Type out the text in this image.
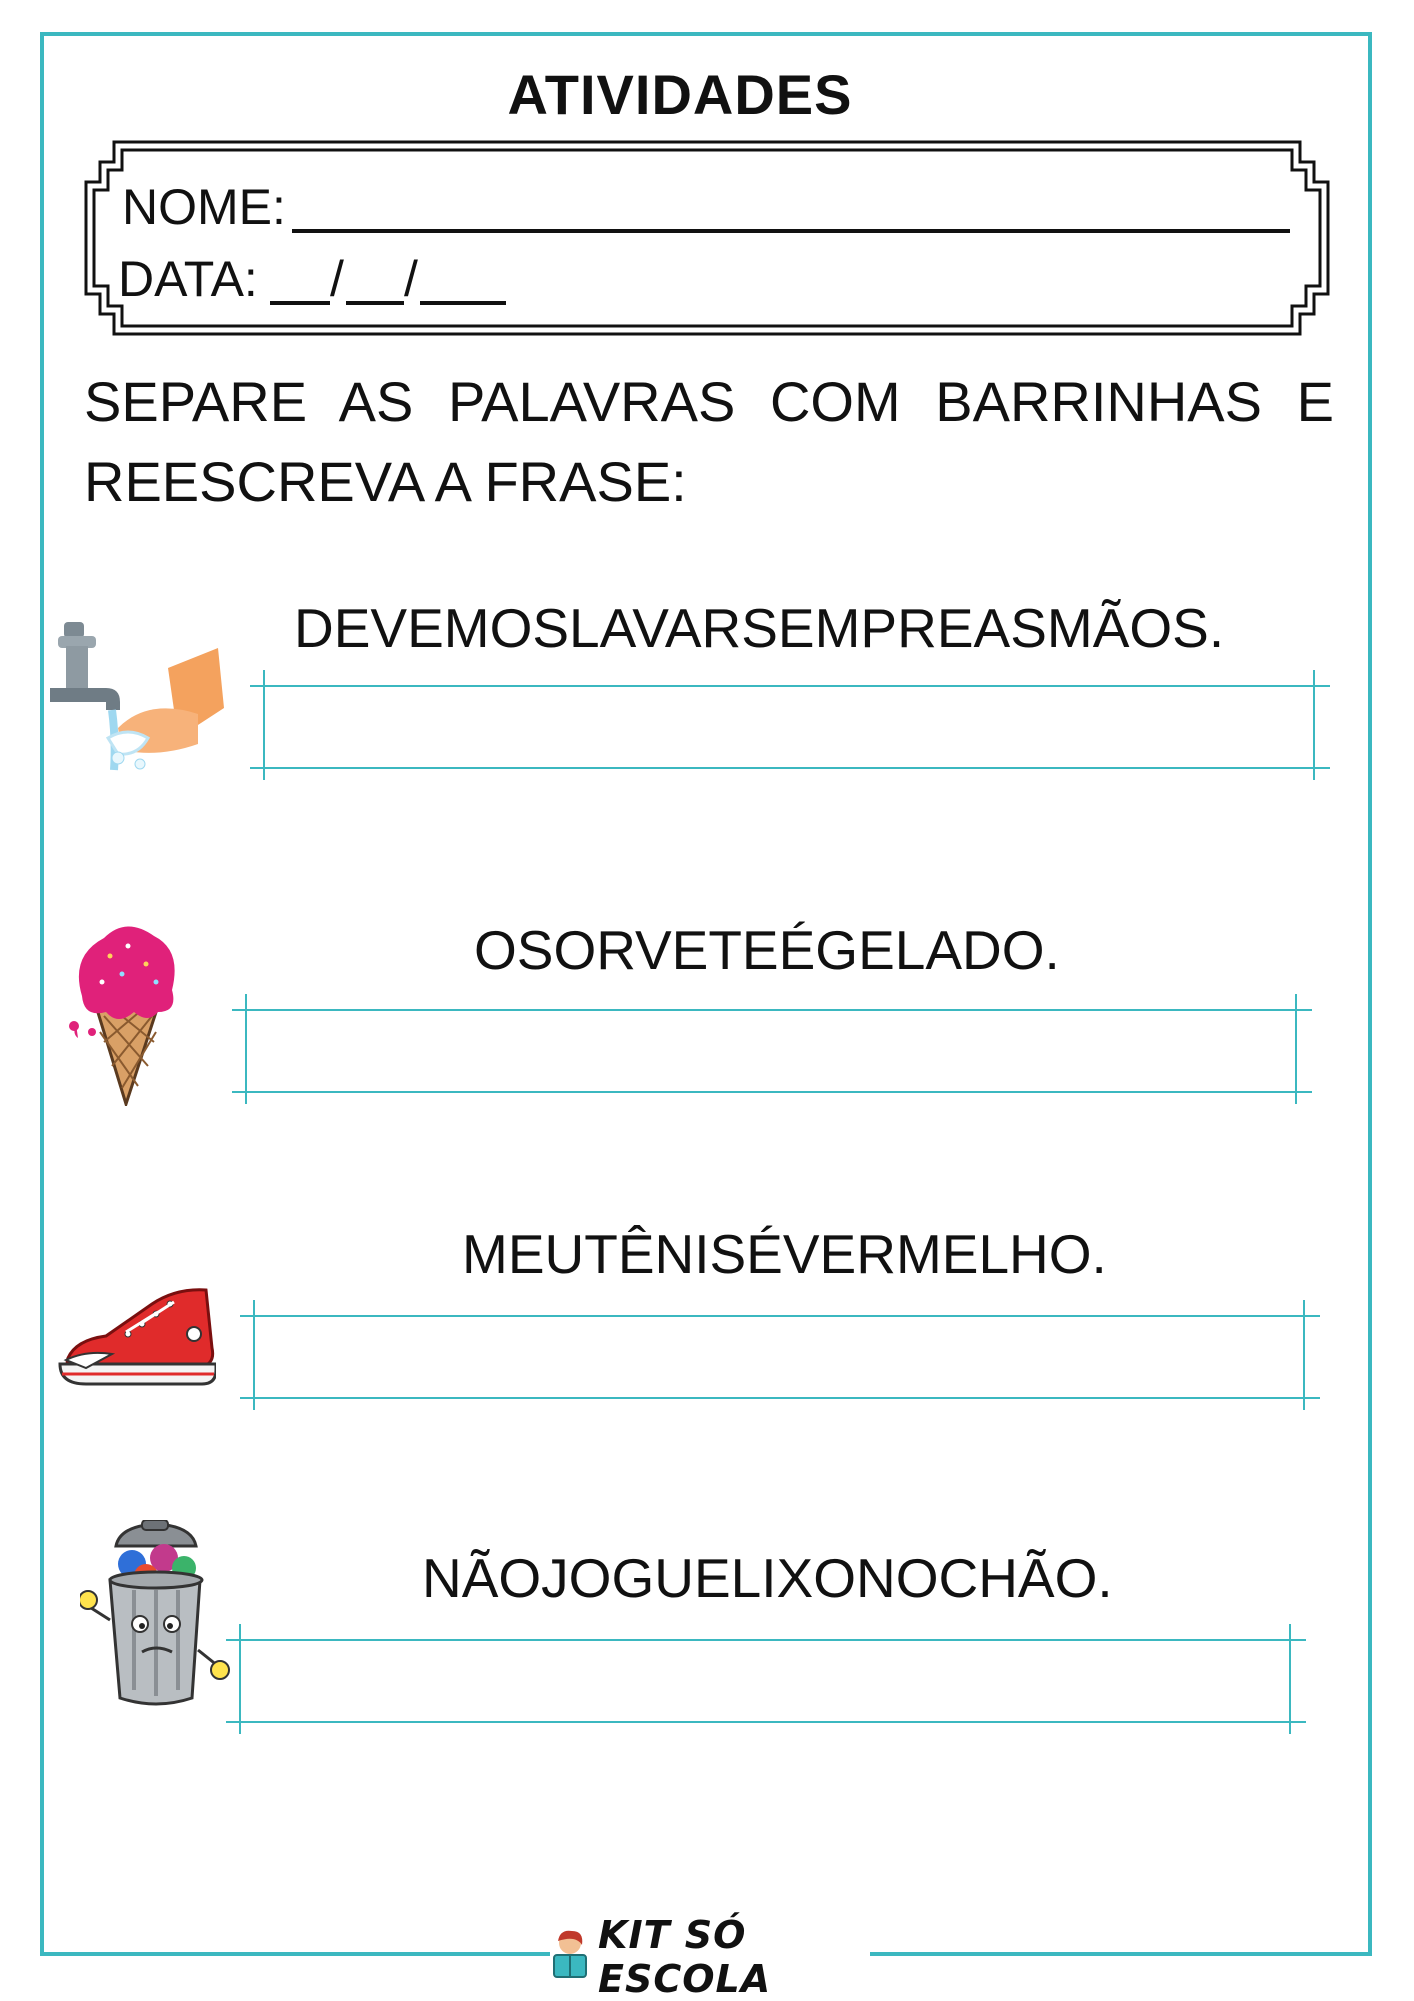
ATIVIDADES
NOME:
DATA: / /
SEPARE AS PALAVRAS COM BARRINHAS E REESCREVA A FRASE:
DEVEMOSLAVARSEMPREASMÃOS.
OSORVETEÉGELADO.
MEUTÊNISÉVERMELHO.
NÃOJOGUELIXONOCHÃO.
KIT SÓ ESCOLA
